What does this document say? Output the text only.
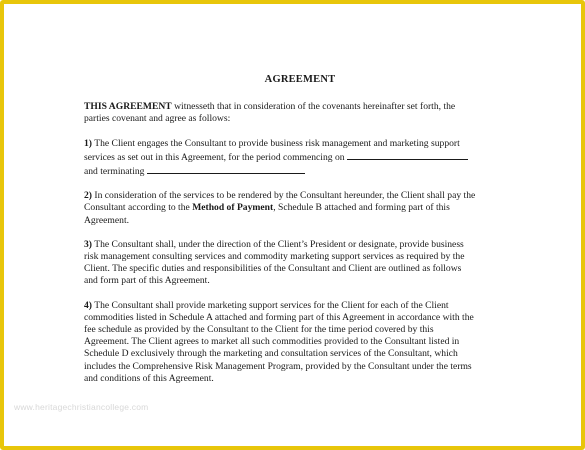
AGREEMENT
THIS AGREEMENT witnesseth that in consideration of the covenants hereinafter set forth, the
parties covenant and agree as follows:
1) The Client engages the Consultant to provide business risk management and marketing support
services as set out in this Agreement, for the period commencing on
and terminating
2) In consideration of the services to be rendered by the Consultant hereunder, the Client shall pay the
Consultant according to the Method of Payment, Schedule B attached and forming part of this
Agreement.
3) The Consultant shall, under the direction of the Client’s President or designate, provide business
risk management consulting services and commodity marketing support services as required by the
Client. The specific duties and responsibilities of the Consultant and Client are outlined as follows
and form part of this Agreement.
4) The Consultant shall provide marketing support services for the Client for each of the Client
commodities listed in Schedule A attached and forming part of this Agreement in accordance with the
fee schedule as provided by the Consultant to the Client for the time period covered by this
Agreement. The Client agrees to market all such commodities provided to the Consultant listed in
Schedule D exclusively through the marketing and consultation services of the Consultant, which
includes the Comprehensive Risk Management Program, provided by the Consultant under the terms
and conditions of this Agreement.
www.heritagechristiancollege.com
